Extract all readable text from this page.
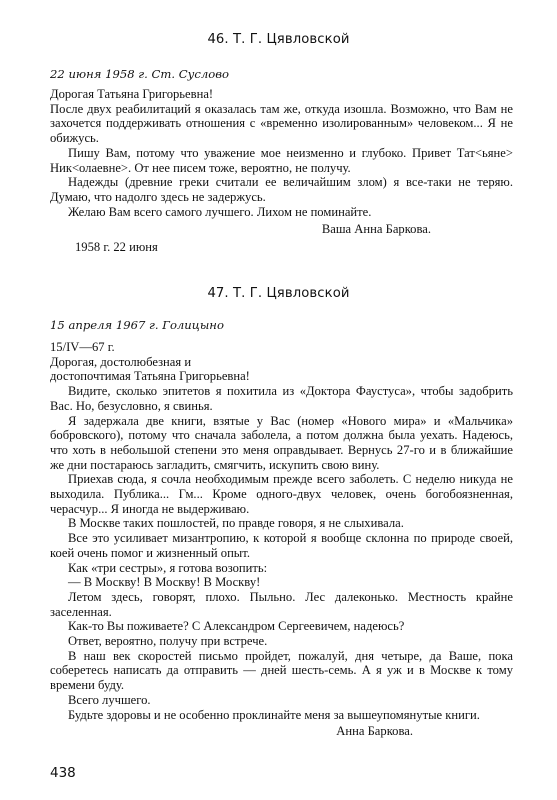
46. Т. Г. Цявловской
22 июня 1958 г. Ст. Суслово

Дорогая Татьяна Григорьевна!

После двух реабилитаций я оказалась там же, откуда изошла. Возможно, что Вам не захочется поддерживать отношения с «временно изолированным» человеком... Я не обижусь.

Пишу Вам, потому что уважение мое неизменно и глубоко. Привет Тат<ьяне> Ник<олаевне>. От нее писем тоже, вероятно, не получу.

Надежды (древние греки считали ее величайшим злом) я все-таки не теряю. Думаю, что надолго здесь не задержусь.

Желаю Вам всего самого лучшего. Лихом не поминайте.

Ваша Анна Баркова.

1958 г. 22 июня

47. Т. Г. Цявловской
15 апреля 1967 г. Голицыно

15/IV—67 г.

Дорогая, достолюбезная и

достопочтимая Татьяна Григорьевна!

Видите, сколько эпитетов я похитила из «Доктора Фаустуса», чтобы задобрить Вас. Но, безусловно, я свинья.

Я задержала две книги, взятые у Вас (номер «Нового мира» и «Мальчика» бобровского), потому что сначала заболела, а потом должна была уехать. Надеюсь, что хоть в небольшой степени это меня оправдывает. Вернусь 27-го и в ближайшие же дни постараюсь загладить, смягчить, искупить свою вину.

Приехав сюда, я сочла необходимым прежде всего заболеть. С неделю никуда не выходила. Публика... Гм... Кроме одного-двух человек, очень богобоязненная, черасчур... Я иногда не выдерживаю.

В Москве таких пошлостей, по правде говоря, я не слыхивала.

Все это усиливает мизантропию, к которой я вообще склонна по природе своей, коей очень помог и жизненный опыт.

Как «три сестры», я готова возопить:

— В Москву! В Москву! В Москву!

Летом здесь, говорят, плохо. Пыльно. Лес далеконько. Местность крайне заселенная.

Как-то Вы поживаете? С Александром Сергеевичем, надеюсь?

Ответ, вероятно, получу при встрече.

В наш век скоростей письмо пройдет, пожалуй, дня четыре, да Ваше, пока соберетесь написать да отправить — дней шесть-семь. А я уж и в Москве к тому времени буду.

Всего лучшего.

Будьте здоровы и не особенно проклинайте меня за вышеупомянутые книги.

Анна Баркова.

438
